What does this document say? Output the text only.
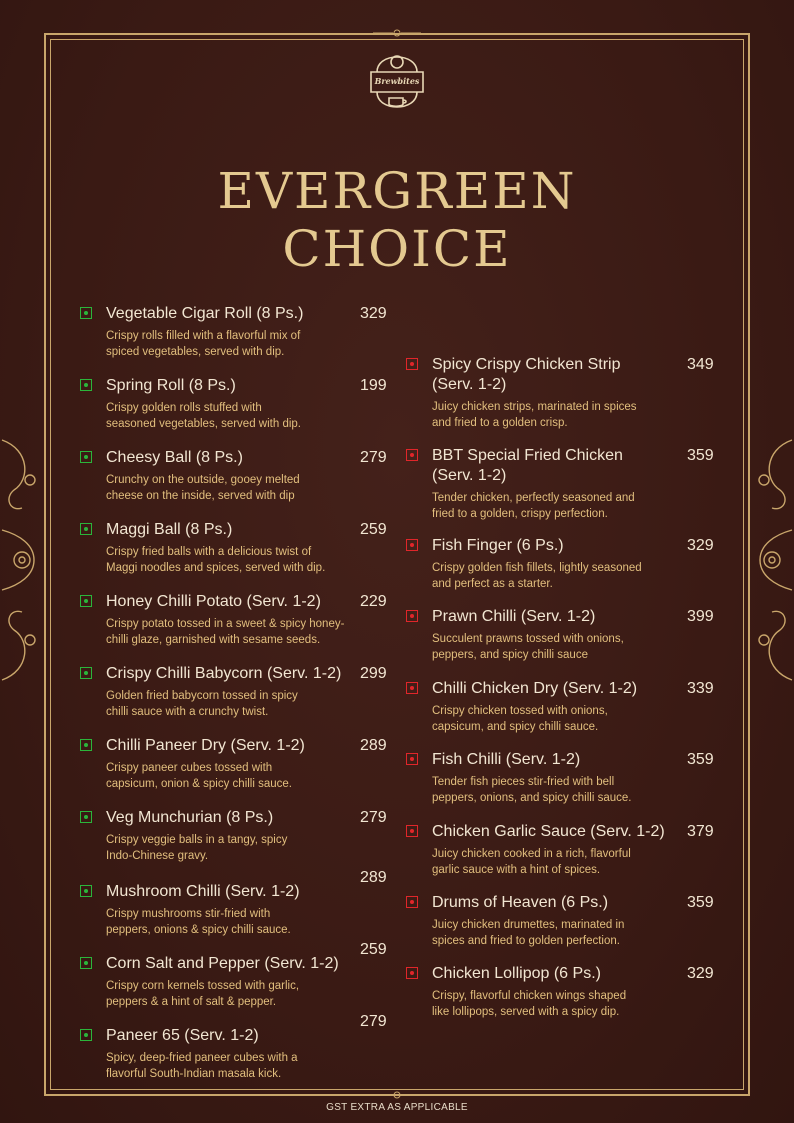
Brewbites
EVERGREEN
CHOICE
Vegetable Cigar Roll (8 Ps.)
Crispy rolls filled with a flavorful mix of
spiced vegetables, served with dip.
329
Spring Roll (8 Ps.)
Crispy golden rolls stuffed with
seasoned vegetables, served with dip.
199
Cheesy Ball (8 Ps.)
Crunchy on the outside, gooey melted
cheese on the inside, served with dip
279
Maggi Ball (8 Ps.)
Crispy fried balls with a delicious twist of
Maggi noodles and spices, served with dip.
259
Honey Chilli Potato (Serv. 1-2)
Crispy potato tossed in a sweet & spicy honey-
chilli glaze, garnished with sesame seeds.
229
Crispy Chilli Babycorn (Serv. 1-2)
Golden fried babycorn tossed in spicy
chilli sauce with a crunchy twist.
299
Chilli Paneer Dry (Serv. 1-2)
Crispy paneer cubes tossed with
capsicum, onion & spicy chilli sauce.
289
Veg Munchurian (8 Ps.)
Crispy veggie balls in a tangy, spicy
Indo-Chinese gravy.
279
Mushroom Chilli (Serv. 1-2)
Crispy mushrooms stir-fried with
peppers, onions & spicy chilli sauce.
289
Corn Salt and Pepper (Serv. 1-2)
Crispy corn kernels tossed with garlic,
peppers & a hint of salt & pepper.
259
Paneer 65 (Serv. 1-2)
Spicy, deep-fried paneer cubes with a
flavorful South-Indian masala kick.
279
Spicy Crispy Chicken Strip
(Serv. 1-2)
Juicy chicken strips, marinated in spices
and fried to a golden crisp.
349
BBT Special Fried Chicken
(Serv. 1-2)
Tender chicken, perfectly seasoned and
fried to a golden, crispy perfection.
359
Fish Finger (6 Ps.)
Crispy golden fish fillets, lightly seasoned
and perfect as a starter.
329
Prawn Chilli (Serv. 1-2)
Succulent prawns tossed with onions,
peppers, and spicy chilli sauce
399
Chilli Chicken Dry (Serv. 1-2)
Crispy chicken tossed with onions,
capsicum, and spicy chilli sauce.
339
Fish Chilli (Serv. 1-2)
Tender fish pieces stir-fried with bell
peppers, onions, and spicy chilli sauce.
359
Chicken Garlic Sauce (Serv. 1-2)
Juicy chicken cooked in a rich, flavorful
garlic sauce with a hint of spices.
379
Drums of Heaven (6 Ps.)
Juicy chicken drumettes, marinated in
spices and fried to golden perfection.
359
Chicken Lollipop (6 Ps.)
Crispy, flavorful chicken wings shaped
like lollipops, served with a spicy dip.
329
GST EXTRA AS APPLICABLE
